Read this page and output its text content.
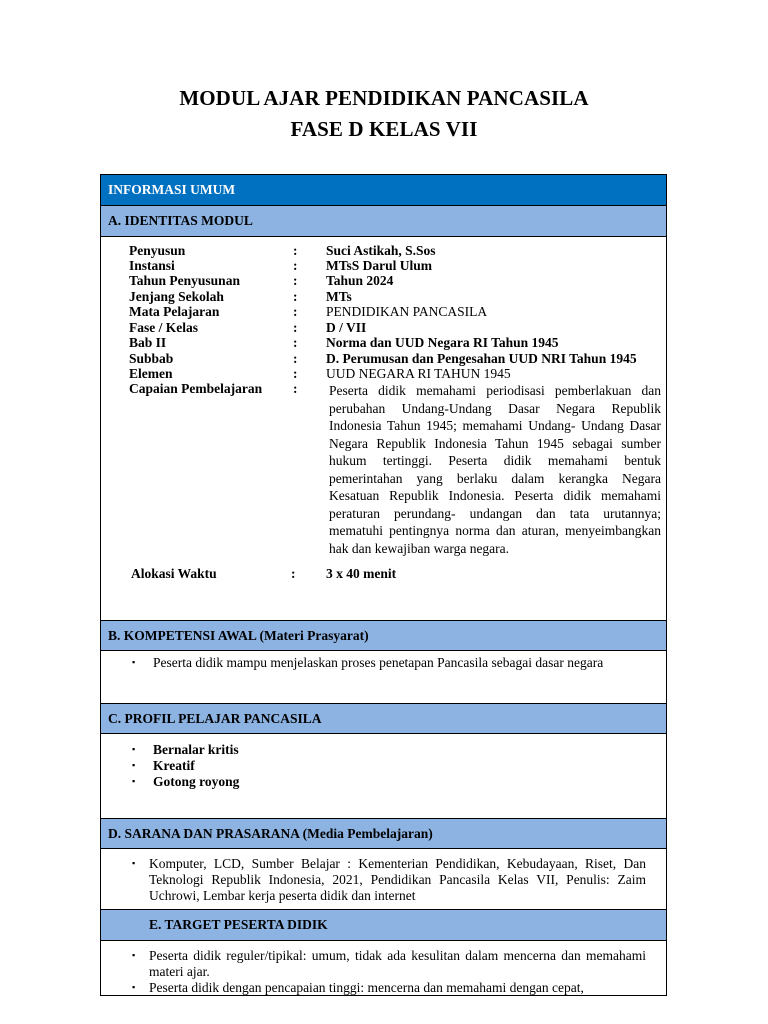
MODUL AJAR PENDIDIKAN PANCASILA
FASE D KELAS VII
INFORMASI UMUM
A. IDENTITAS MODUL
Penyusun	: Suci Astikah, S.Sos
Instansi	: MTsS Darul Ulum
Tahun Penyusunan	: Tahun 2024
Jenjang Sekolah	: MTs
Mata Pelajaran	: PENDIDIKAN PANCASILA
Fase / Kelas	: D / VII
Bab II	: Norma dan UUD Negara RI Tahun 1945
Subbab	: D. Perumusan dan Pengesahan UUD NRI Tahun 1945
Elemen	: UUD NEGARA RI TAHUN 1945
Capaian Pembelajaran : Peserta didik memahami periodisasi pemberlakuan dan perubahan Undang-Undang Dasar Negara Republik Indonesia Tahun 1945; memahami Undang- Undang Dasar Negara Republik Indonesia Tahun 1945 sebagai sumber hukum tertinggi. Peserta didik memahami bentuk pemerintahan yang berlaku dalam kerangka Negara Kesatuan Republik Indonesia. Peserta didik memahami peraturan perundang- undangan dan tata urutannya; mematuhi pentingnya norma dan aturan, menyeimbangkan hak dan kewajiban warga negara.
Alokasi Waktu	: 3 x 40 menit
B. KOMPETENSI AWAL (Materi Prasyarat)
▪ Peserta didik mampu menjelaskan proses penetapan Pancasila sebagai dasar negara
C. PROFIL PELAJAR PANCASILA
▪ Bernalar kritis
▪ Kreatif
▪ Gotong royong
D. SARANA DAN PRASARANA (Media Pembelajaran)
▪ Komputer, LCD, Sumber Belajar : Kementerian Pendidikan, Kebudayaan, Riset, Dan Teknologi Republik Indonesia, 2021, Pendidikan Pancasila Kelas VII, Penulis: Zaim Uchrowi, Lembar kerja peserta didik dan internet
E. TARGET PESERTA DIDIK
▪ Peserta didik reguler/tipikal: umum, tidak ada kesulitan dalam mencerna dan memahami materi ajar.
▪ Peserta didik dengan pencapaian tinggi: mencerna dan memahami dengan cepat,
